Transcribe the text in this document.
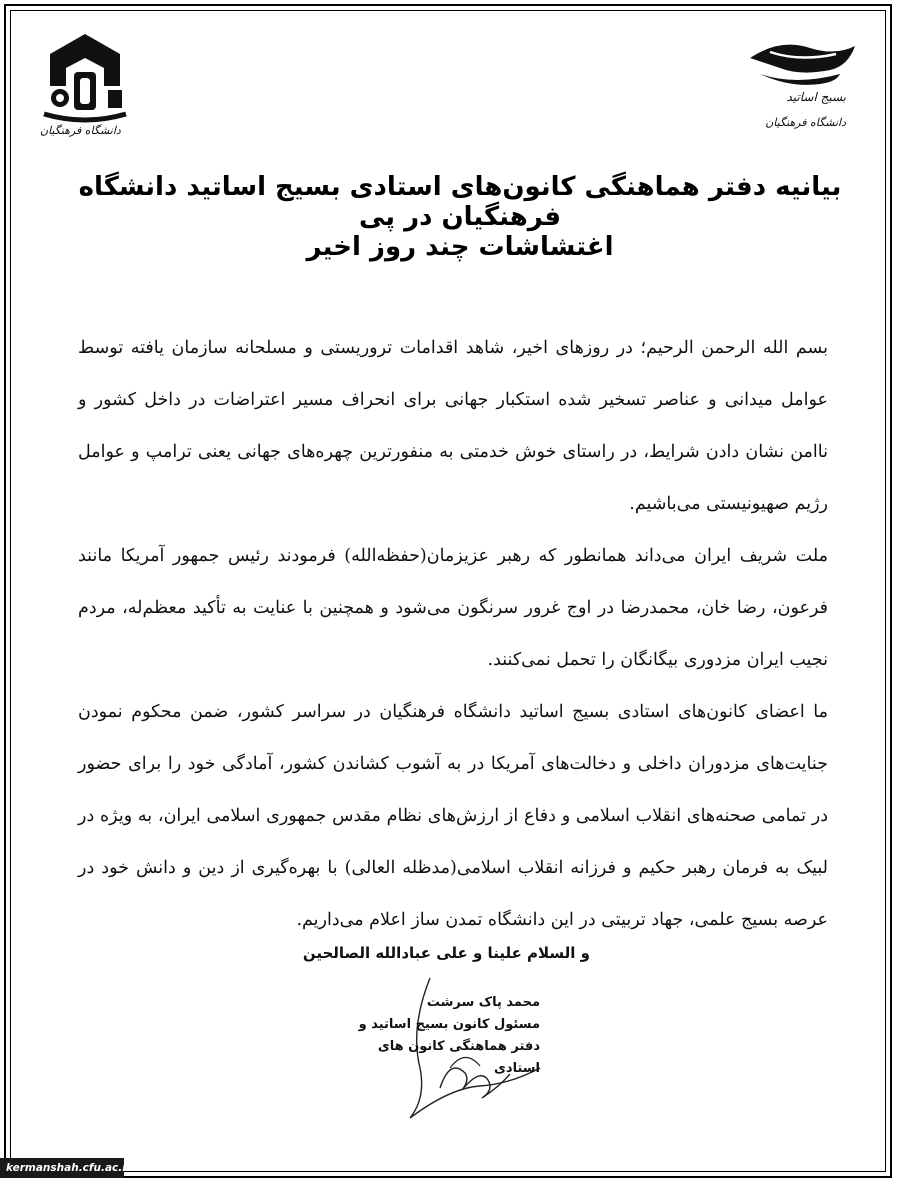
دانشگاه فرهنگیان
بسیج اساتید
دانشگاه فرهنگیان
بیانیه دفتر هماهنگی کانون‌های استادی بسیج اساتید دانشگاه فرهنگیان در پی
اغتشاشات چند روز اخیر
بسم الله الرحمن الرحیم؛ در روزهای اخیر، شاهد اقدامات تروریستی و مسلحانه سازمان یافته توسط عوامل میدانی و عناصر تسخیر شده استکبار جهانی برای انحراف مسیر اعتراضات در داخل کشور و ناامن نشان دادن شرایط، در راستای خوش خدمتی به منفورترین چهره‌های جهانی یعنی ترامپ و عوامل رژیم صهیونیستی می‌باشیم.
ملت شریف ایران می‌داند همانطور که رهبر عزیزمان(حفظه‌الله) فرمودند رئیس جمهور آمریکا مانند فرعون، رضا خان، محمدرضا در اوج غرور سرنگون می‌شود و همچنین با عنایت به تأکید معظم‌له، مردم نجیب ایران مزدوری بیگانگان را تحمل نمی‌کنند.
ما اعضای کانون‌های استادی بسیج اساتید دانشگاه فرهنگیان در سراسر کشور، ضمن محکوم نمودن جنایت‌های مزدوران داخلی و دخالت‌های آمریکا در به آشوب کشاندن کشور، آمادگی خود را برای حضور در تمامی صحنه‌های انقلاب اسلامی و دفاع از ارزش‌های نظام مقدس جمهوری اسلامی ایران، به ویژه در لبیک به فرمان رهبر حکیم و فرزانه انقلاب اسلامی(مدظله العالی) با بهره‌گیری از دین و دانش خود در عرصه بسیج علمی، جهاد تربیتی در این دانشگاه تمدن ساز اعلام می‌داریم.
و السلام علینا و علی عبادالله الصالحین
محمد پاک سرشت
مسئول کانون بسیج اساتید و
دفتر هماهنگی کانون های استادی
kermanshah.cfu.ac.ir
